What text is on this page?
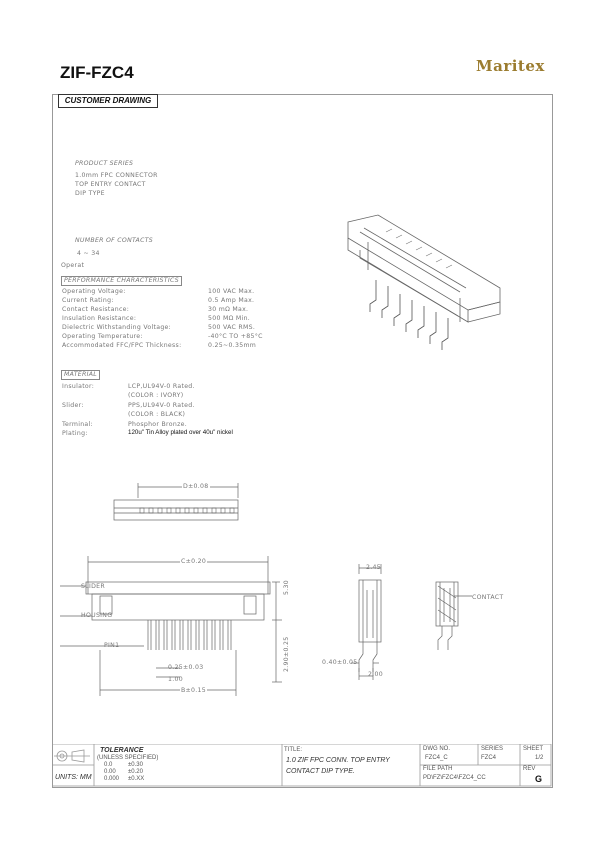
ZIF-FZC4	Maritex
CUSTOMER DRAWING
PRODUCT SERIES
1.0mm FPC CONNECTOR
TOP ENTRY CONTACT
DIP TYPE
NUMBER OF CONTACTS
4 ~ 34
Operat
PERFORMANCE CHARACTERISTICS
Operating Voltage:	100 VAC Max.
Current Rating:	0.5 Amp Max.
Contact Resistance:	30 mΩ Max.
Insulation Resistance:	500 MΩ Min.
Dielectric Withstanding Voltage:	500 VAC RMS.
Operating Temperature:	-40°C TO +85°C
Accommodated FFC/FPC Thickness:	0.25~0.35mm
MATERIAL
Insulator:	LCP,UL94V-0 Rated.
(COLOR : IVORY)
Slider:	PPS,UL94V-0 Rated.
(COLOR : BLACK)
Terminal:	Phosphor Bronze.
Plating:	120u" Tin Alloy plated over 40u" nickel
D±0.08
C±0.20
SLIDER
HOUSING
PIN1
0.25±0.03
1.00
B±0.15
5.30
2.90±0.25
2.45
0.40±0.05
2.00
CONTACT
TOLERANCE
(UNLESS SPECIFIED)
0.0	±0.30
0.00 ±0.20
0.000 ±0.XX
UNITS: MM
TITLE:
1.0 ZIF FPC CONN. TOP ENTRY
CONTACT DIP TYPE.
DWG NO.
FZC4_C
SERIES
FZC4
SHEET
1/2
FILE PATH
PD\FZ\FZC4\FZC4_CC
REV
G
